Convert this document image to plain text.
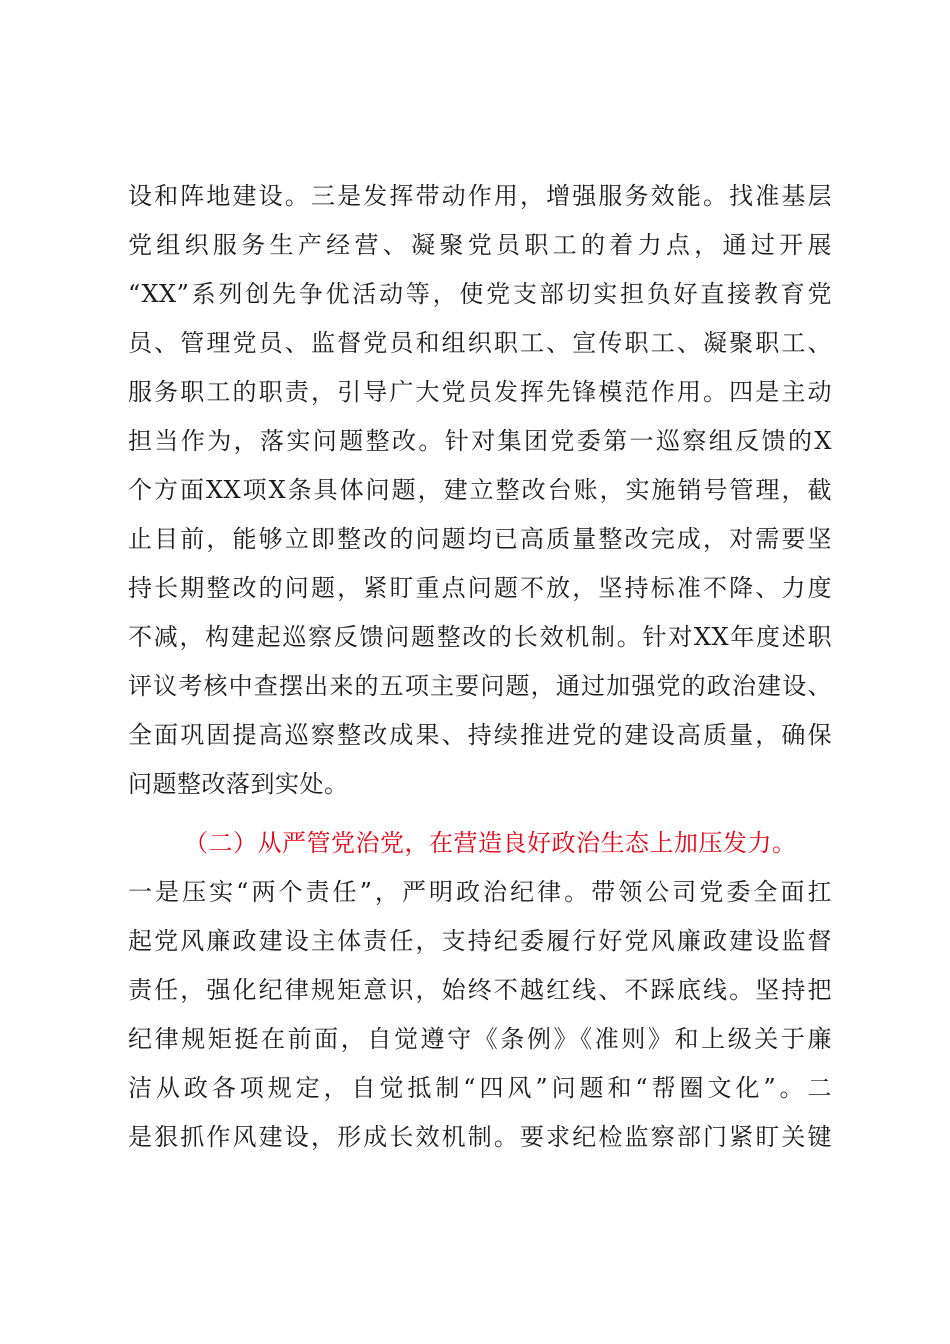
设和阵地建设。三是发挥带动作用，增强服务效能。找准基层
党组织服务生产经营、凝聚党员职工的着力点，通过开展
“XX”系列创先争优活动等，使党支部切实担负好直接教育党
员、管理党员、监督党员和组织职工、宣传职工、凝聚职工、
服务职工的职责，引导广大党员发挥先锋模范作用。四是主动
担当作为，落实问题整改。针对集团党委第一巡察组反馈的X
个方面XX项X条具体问题，建立整改台账，实施销号管理，截
止目前，能够立即整改的问题均已高质量整改完成，对需要坚
持长期整改的问题，紧盯重点问题不放，坚持标准不降、力度
不减，构建起巡察反馈问题整改的长效机制。针对XX年度述职
评议考核中查摆出来的五项主要问题，通过加强党的政治建设、
全面巩固提高巡察整改成果、持续推进党的建设高质量，确保
问题整改落到实处。
（二）从严管党治党，在营造良好政治生态上加压发力。
一是压实“两个责任”，严明政治纪律。带领公司党委全面扛
起党风廉政建设主体责任，支持纪委履行好党风廉政建设监督
责任，强化纪律规矩意识，始终不越红线、不踩底线。坚持把
纪律规矩挺在前面，自觉遵守《条例》《准则》和上级关于廉
洁从政各项规定，自觉抵制“四风”问题和“帮圈文化”。二
是狠抓作风建设，形成长效机制。要求纪检监察部门紧盯关键
